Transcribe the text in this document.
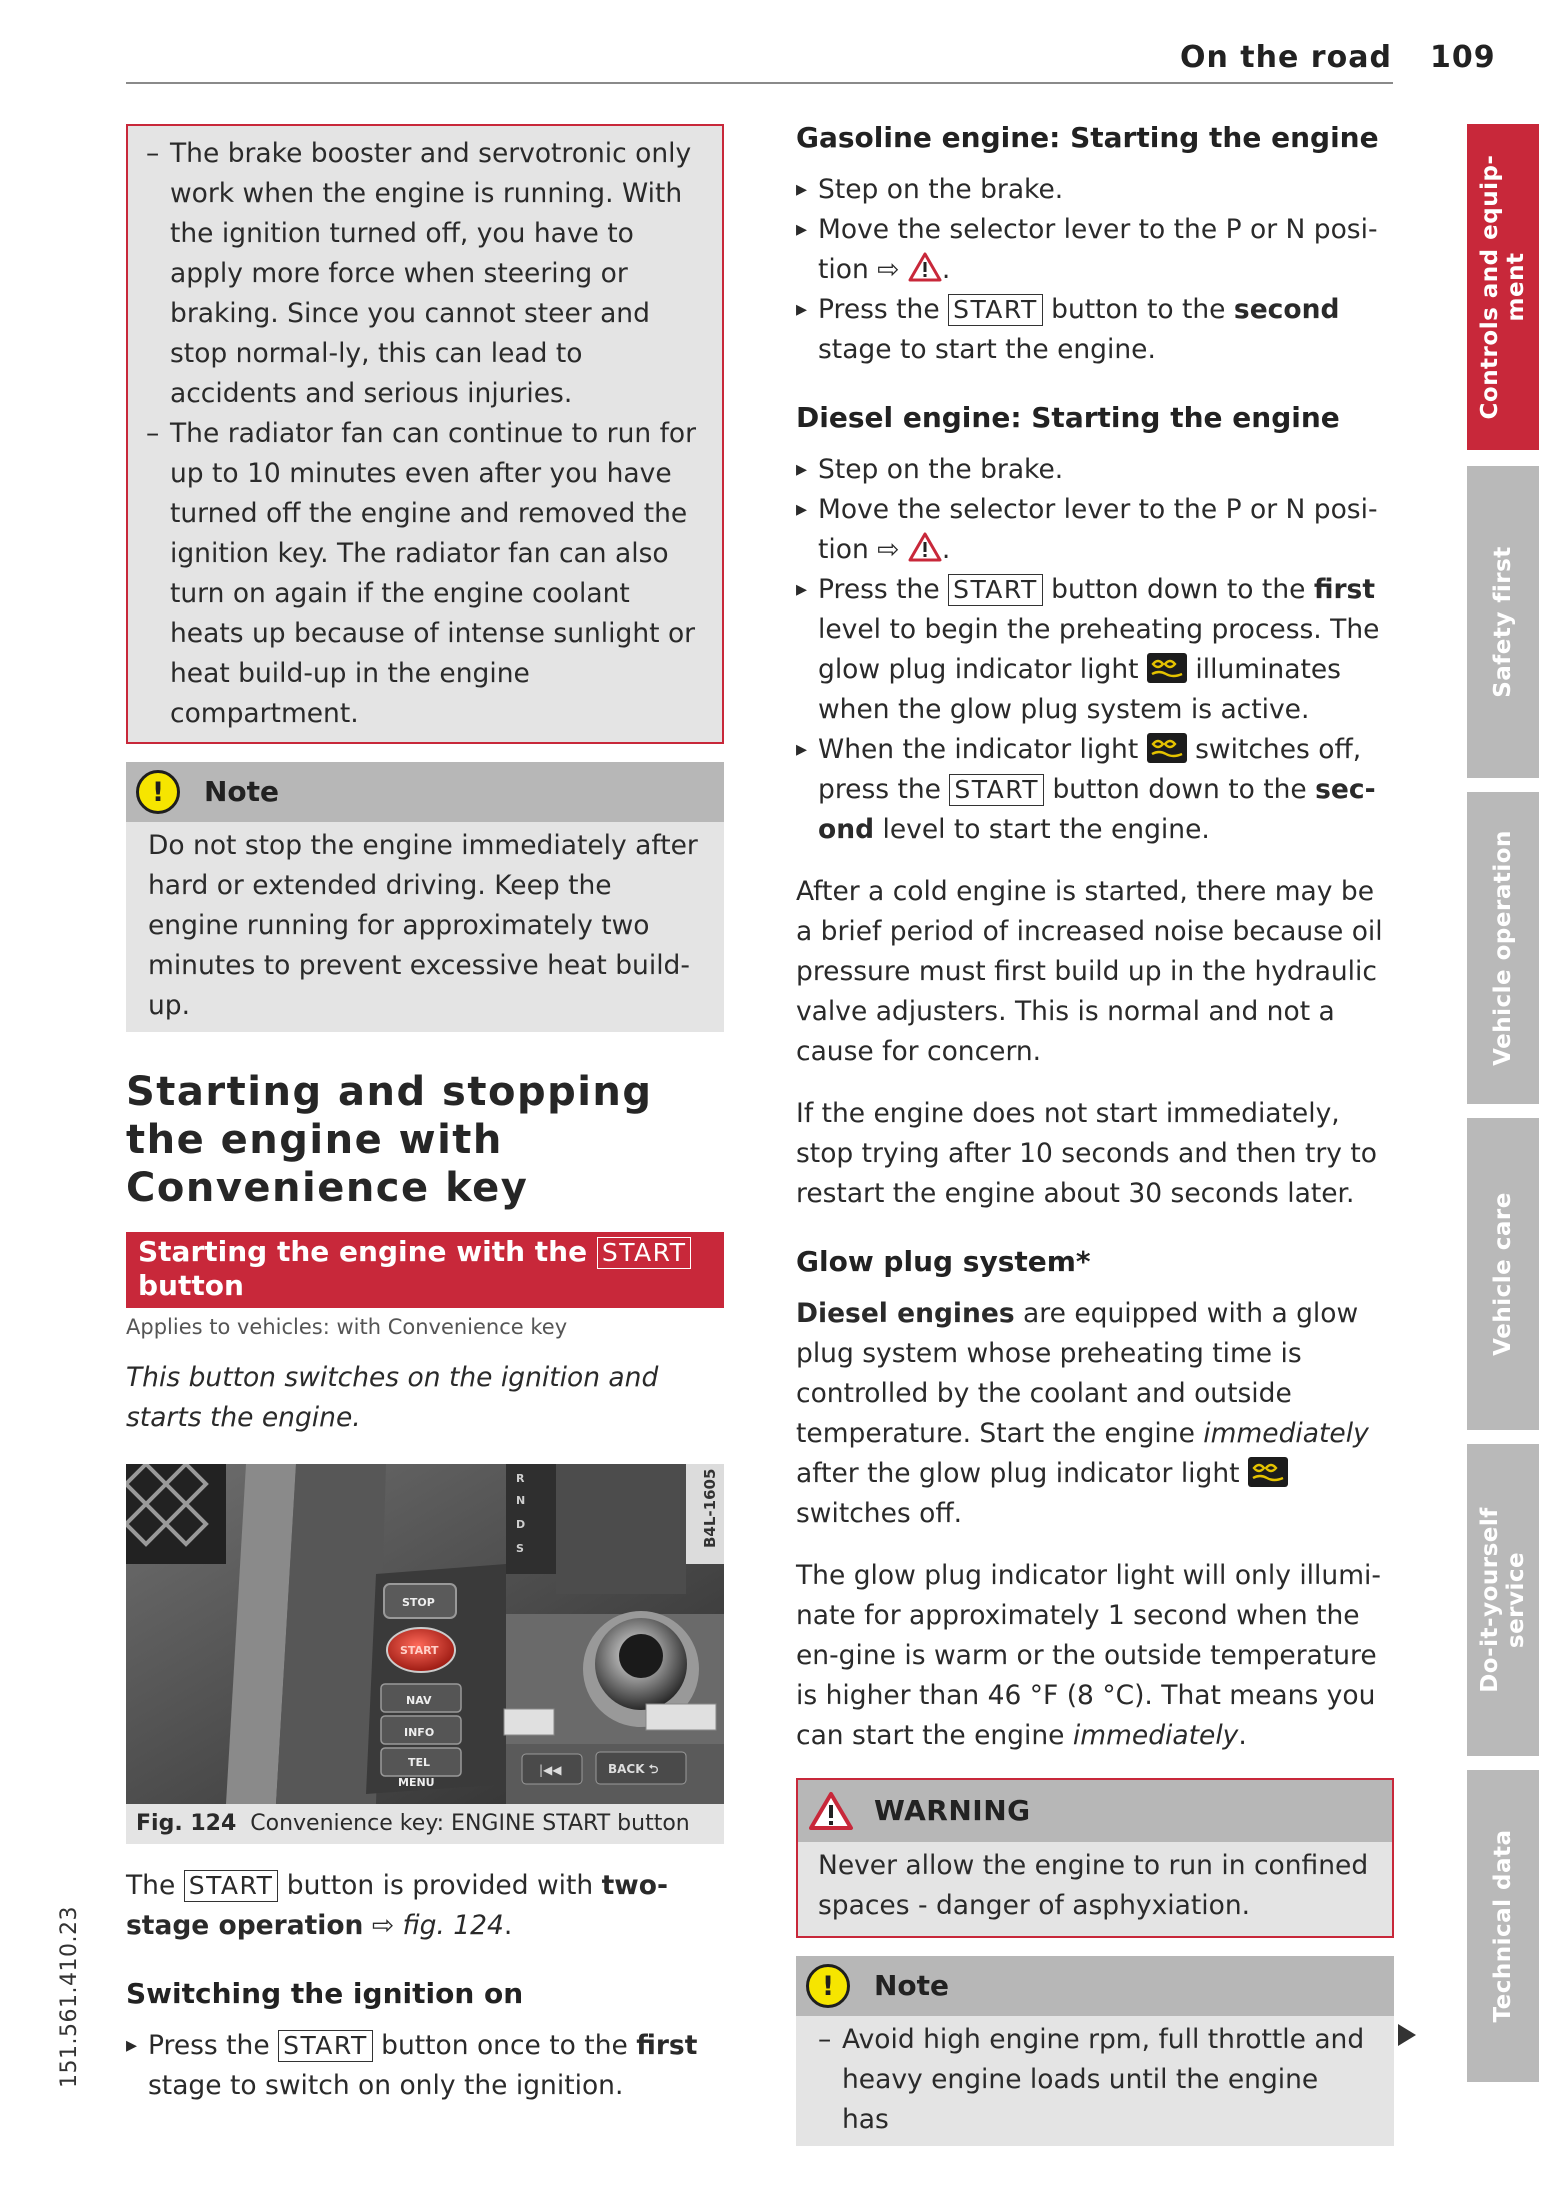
On the road 109
151.561.410.23
– The brake booster and servotronic only work when the engine is running. With the ignition turned off, you have to apply more force when steering or braking. Since you cannot steer and stop normal-ly, this can lead to accidents and serious injuries.
– The radiator fan can continue to run for up to 10 minutes even after you have turned off the engine and removed the ignition key. The radiator fan can also turn on again if the engine coolant heats up because of intense sunlight or heat build-up in the engine compartment.
!	Note
Do not stop the engine immediately after hard or extended driving. Keep the engine running for approximately two minutes to prevent excessive heat build-up.
Starting and stopping the engine with Convenience key
Starting the engine with the START
button
Applies to vehicles: with Convenience key
This button switches on the ignition and starts the engine.
R
N
D
S
B4L-1605
STOP
START
NAV
INFO
TEL
MENU
|◀◀	BACK ⮌
Fig. 124 Convenience key: ENGINE START button
The START button is provided with two-stage operation ⇨ fig. 124.
Switching the ignition on
▸ Press the START button once to the first stage to switch on only the ignition.
Gasoline engine: Starting the engine
▸ Step on the brake.
▸ Move the selector lever to the P or N posi-tion ⇨ .
▸ Press the START button to the second stage to start the engine.
Diesel engine: Starting the engine
▸ Step on the brake.
▸ Move the selector lever to the P or N posi-tion ⇨ .
▸ Press the START button down to the first level to begin the preheating process. The glow plug indicator light
illuminates when the glow plug system is active.
▸ When the indicator light
switches off, press the START button down to the sec-ond level to start the engine.
After a cold engine is started, there may be a brief period of increased noise because oil pressure must first build up in the hydraulic valve adjusters. This is normal and not a cause for concern.
If the engine does not start immediately, stop trying after 10 seconds and then try to restart the engine about 30 seconds later.
Glow plug system*
Diesel engines are equipped with a glow plug system whose preheating time is controlled by the coolant and outside temperature. Start the engine immediately after the glow plug indicator light
switches off.
The glow plug indicator light will only illumi-nate for approximately 1 second when the en-gine is warm or the outside temperature is higher than 46 °F (8 °C). That means you can start the engine immediately.
WARNING
Never allow the engine to run in confined spaces - danger of asphyxiation.
!	Note
– Avoid high engine rpm, full throttle and heavy engine loads until the engine has
Controls and equip-
ment
Safety first
Vehicle operation
Vehicle care
Do-it-yourself
service
Technical data
